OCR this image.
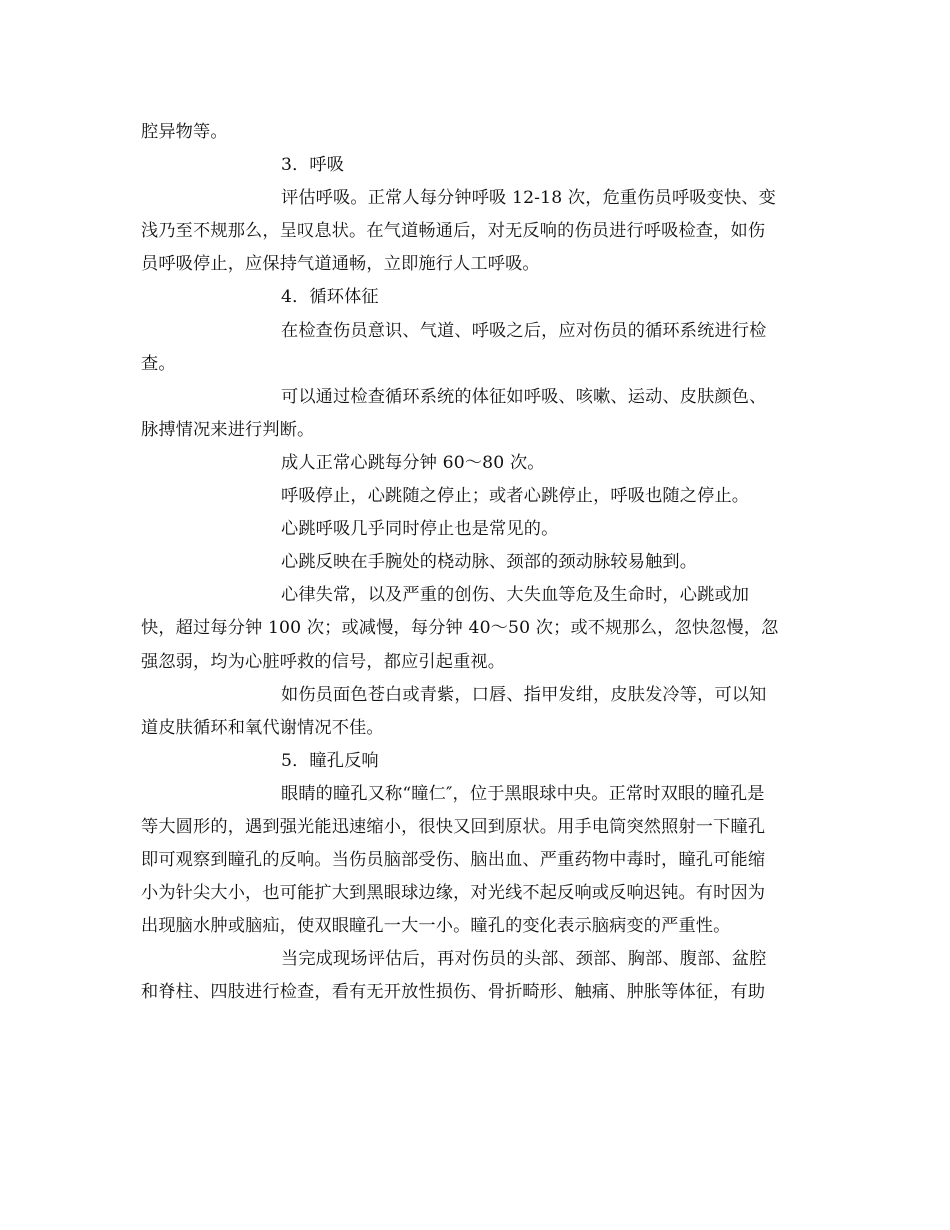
腔异物等。
3．呼吸
评估呼吸。正常人每分钟呼吸 12-18 次，危重伤员呼吸变快、变
浅乃至不规那么，呈叹息状。在气道畅通后，对无反响的伤员进行呼吸检查，如伤
员呼吸停止，应保持气道通畅，立即施行人工呼吸。
4．循环体征
在检查伤员意识、气道、呼吸之后，应对伤员的循环系统进行检
查。
可以通过检查循环系统的体征如呼吸、咳嗽、运动、皮肤颜色、
脉搏情况来进行判断。
成人正常心跳每分钟 60～80 次。
呼吸停止，心跳随之停止；或者心跳停止，呼吸也随之停止。
心跳呼吸几乎同时停止也是常见的。
心跳反映在手腕处的桡动脉、颈部的颈动脉较易触到。
心律失常，以及严重的创伤、大失血等危及生命时，心跳或加
快，超过每分钟 100 次；或减慢，每分钟 40～50 次；或不规那么，忽快忽慢，忽
强忽弱，均为心脏呼救的信号，都应引起重视。
如伤员面色苍白或青紫，口唇、指甲发绀，皮肤发冷等，可以知
道皮肤循环和氧代谢情况不佳。
5．瞳孔反响
眼睛的瞳孔又称“瞳仁″，位于黑眼球中央。正常时双眼的瞳孔是
等大圆形的，遇到强光能迅速缩小，很快又回到原状。用手电筒突然照射一下瞳孔
即可观察到瞳孔的反响。当伤员脑部受伤、脑出血、严重药物中毒时，瞳孔可能缩
小为针尖大小，也可能扩大到黑眼球边缘，对光线不起反响或反响迟钝。有时因为
出现脑水肿或脑疝，使双眼瞳孔一大一小。瞳孔的变化表示脑病变的严重性。
当完成现场评估后，再对伤员的头部、颈部、胸部、腹部、盆腔
和脊柱、四肢进行检查，看有无开放性损伤、骨折畸形、触痛、肿胀等体征，有助
